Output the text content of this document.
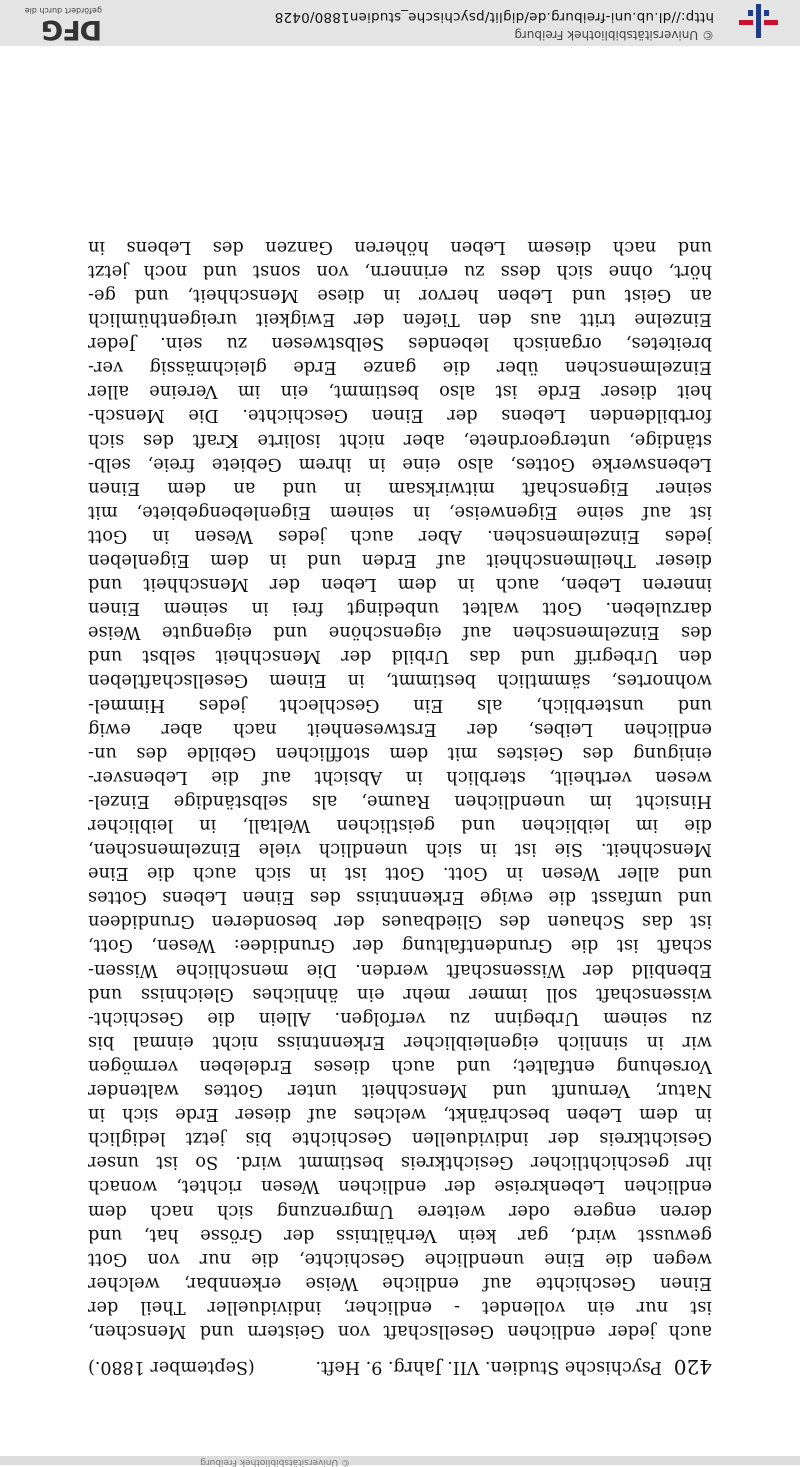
© Universitätsbibliothek Freiburg
420
Psychische Studien. VII. Jahrg. 9. Heft.
(September 1880.)
auch jeder endlichen Gesellschaft von Geistern und Menschen,
ist nur ein vollendet - endlicher, individueller Theil der
Einen Geschichte auf endliche Weise erkennbar, welcher
wegen die Eine unendliche Geschichte, die nur von Gott
gewusst wird, gar kein Verhältniss der Grösse hat, und
deren engere oder weitere Umgrenzung sich nach dem
endlichen Lebenkreise der endlichen Wesen richtet, wonach
ihr geschichtlicher Gesichtkreis bestimmt wird. So ist unser
Gesichtkreis der individuellen Geschichte bis jetzt lediglich
in dem Leben beschränkt, welches auf dieser Erde sich in
Natur, Vernunft und Menschheit unter Gottes waltender
Vorsehung entfaltet; und auch dieses Erdeleben vermögen
wir in sinnlich eigenleiblicher Erkenntniss nicht einmal bis
zu seinem Urbeginn zu verfolgen. Allein die Geschicht-
wissenschaft soll immer mehr ein ähnliches Gleichniss und
Ebenbild der Wissenschaft werden. Die menschliche Wissen-
schaft ist die Grundentfaltung der Grundidee: Wesen, Gott,
ist das Schauen des Gliedbaues der besonderen Grundideen
und umfasst die ewige Erkenntniss des Einen Lebens Gottes
und aller Wesen in Gott. Gott ist in sich auch die Eine
Menschheit. Sie ist in sich unendlich viele Einzelmenschen,
die im leiblichen und geistlichen Weltall, in leiblicher
Hinsicht im unendlichen Raume, als selbständige Einzel-
wesen vertheilt, sterblich in Absicht auf die Lebensver-
einigung des Geistes mit dem stofflichen Gebilde des un-
endlichen Leibes, der Erstwesenheit nach aber ewig
und unsterblich, als Ein Geschlecht jedes Himmel-
wohnortes, sämmtlich bestimmt, in Einem Gesellschaftleben
den Urbegriff und das Urbild der Menschheit selbst und
des Einzelmenschen auf eigenschöne und eigengute Weise
darzuleben. Gott waltet unbedingt frei in seinem Einen
inneren Leben, auch in dem Leben der Menschheit und
dieser Theilmenschheit auf Erden und in dem Eigenleben
jedes Einzelmenschen. Aber auch jedes Wesen in Gott
ist auf seine Eigenweise, in seinem Eigenlebengebiete, mit
seiner Eigenschaft mitwirksam in und an dem Einen
Lebenswerke Gottes, also eine in ihrem Gebiete freie, selb-
ständige, untergeordnete, aber nicht isolirte Kraft des sich
fortbildenden Lebens der Einen Geschichte. Die Mensch-
heit dieser Erde ist also bestimmt, ein im Vereine aller
Einzelmenschen über die ganze Erde gleichmässig ver-
breitetes, organisch lebendes Selbstwesen zu sein. Jeder
Einzelne tritt aus den Tiefen der Ewigkeit ureigenthümlich
an Geist und Leben hervor in diese Menschheit, und ge-
hört, ohne sich dess zu erinnern, von sonst und noch jetzt
und nach diesem Leben höheren Ganzen des Lebens in
© Universitätsbibliothek Freiburg
http://dl.ub.uni-freiburg.de/diglit/psychische_studien1880/0428
gefördert durch die
DFG
